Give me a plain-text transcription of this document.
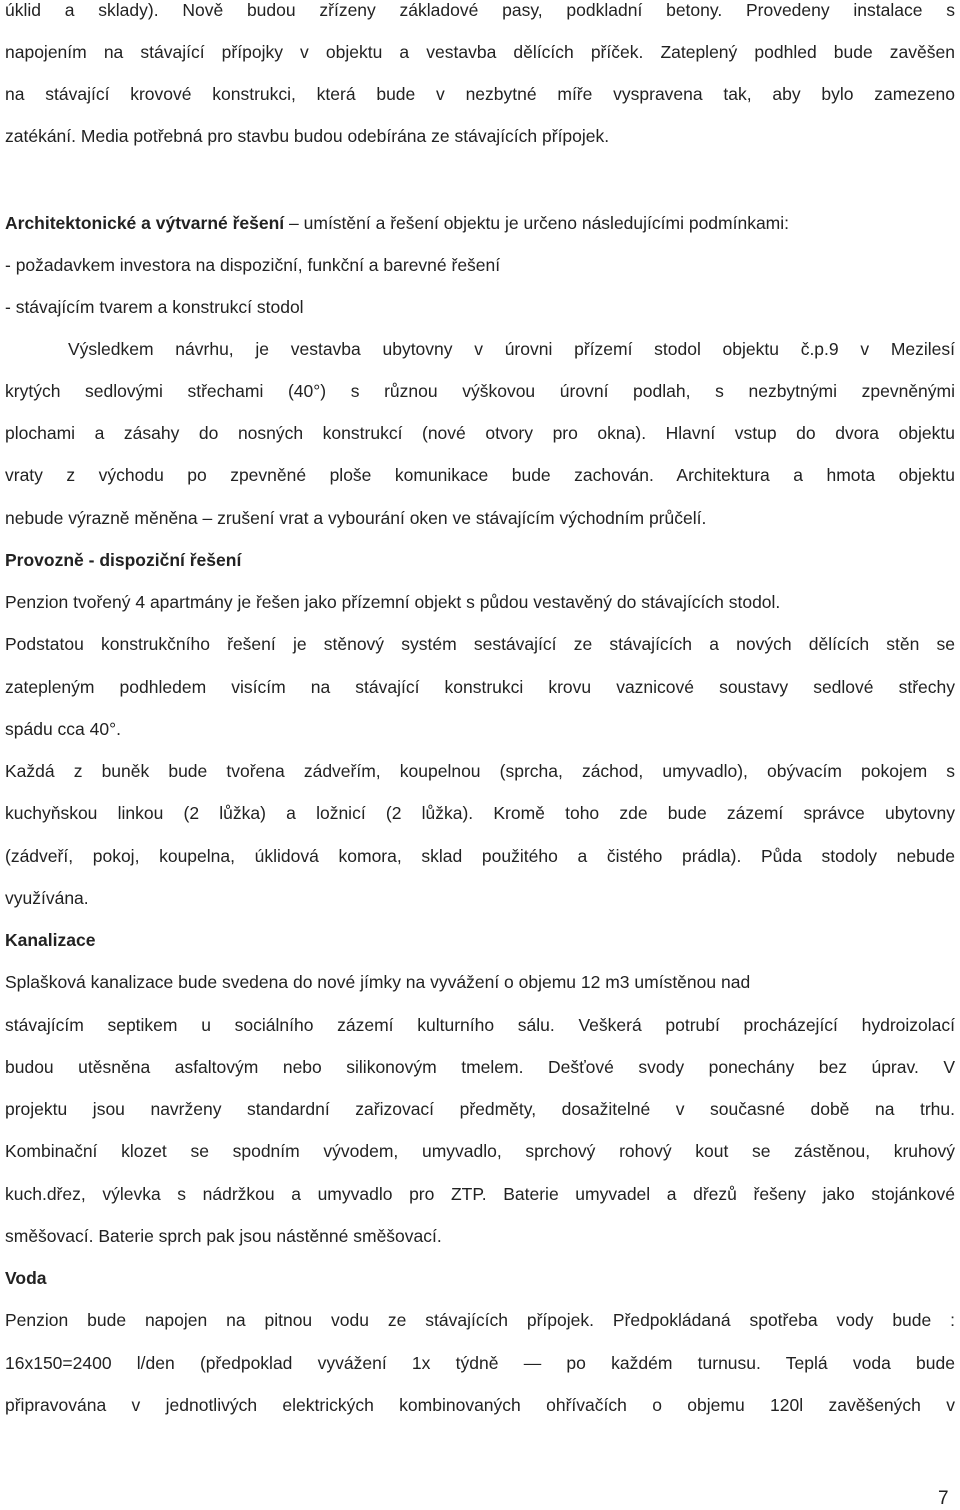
úklid a sklady). Nově budou zřízeny základové pasy, podkladní betony. Provedeny instalace s
napojením na stávající přípojky v objektu a vestavba dělících příček. Zateplený podhled bude zavěšen
na stávající krovové konstrukci, která bude v nezbytné míře vyspravena tak, aby bylo zamezeno
zatékání. Media potřebná pro stavbu budou odebírána ze stávajících přípojek.
Architektonické a výtvarné řešení – umístění a řešení objektu je určeno následujícími podmínkami:
- požadavkem investora na dispoziční, funkční a barevné řešení
- stávajícím tvarem a konstrukcí stodol
Výsledkem návrhu, je vestavba ubytovny v úrovni přízemí stodol objektu č.p.9 v Mezilesí
krytých sedlovými střechami (40°) s různou výškovou úrovní podlah, s nezbytnými zpevněnými
plochami a zásahy do nosných konstrukcí (nové otvory pro okna). Hlavní vstup do dvora objektu
vraty z východu po zpevněné ploše komunikace bude zachován. Architektura a hmota objektu
nebude výrazně měněna – zrušení vrat a vybourání oken ve stávajícím východním průčelí.
Provozně - dispoziční řešení
Penzion tvořený 4 apartmány je řešen jako přízemní objekt s půdou vestavěný do stávajících stodol.
Podstatou konstrukčního řešení je stěnový systém sestávající ze stávajících a nových dělících stěn se
zatepleným podhledem visícím na stávající konstrukci krovu vaznicové soustavy sedlové střechy
spádu cca 40°.
Každá z buněk bude tvořena zádveřím, koupelnou (sprcha, záchod, umyvadlo), obývacím pokojem s
kuchyňskou linkou (2 lůžka) a ložnicí (2 lůžka). Kromě toho zde bude zázemí správce ubytovny
(zádveří, pokoj, koupelna, úklidová komora, sklad použitého a čistého prádla). Půda stodoly nebude
využívána.
Kanalizace
Splašková kanalizace bude svedena do nové jímky na vyvážení o objemu 12 m3 umístěnou nad
stávajícím septikem u sociálního zázemí kulturního sálu. Veškerá potrubí procházející hydroizolací
budou utěsněna asfaltovým nebo silikonovým tmelem. Dešťové svody ponechány bez úprav. V
projektu jsou navrženy standardní zařizovací předměty, dosažitelné v současné době na trhu.
Kombinační klozet se spodním vývodem, umyvadlo, sprchový rohový kout se zástěnou, kruhový
kuch.dřez, výlevka s nádržkou a umyvadlo pro ZTP. Baterie umyvadel a dřezů řešeny jako stojánkové
směšovací. Baterie sprch pak jsou nástěnné směšovací.
Voda
Penzion bude napojen na pitnou vodu ze stávajících přípojek. Předpokládaná spotřeba vody bude :
16x150=2400 l/den (předpoklad vyvážení 1x týdně — po každém turnusu. Teplá voda bude
připravována v jednotlivých elektrických kombinovaných ohřívačích o objemu 120l zavěšených v
7
